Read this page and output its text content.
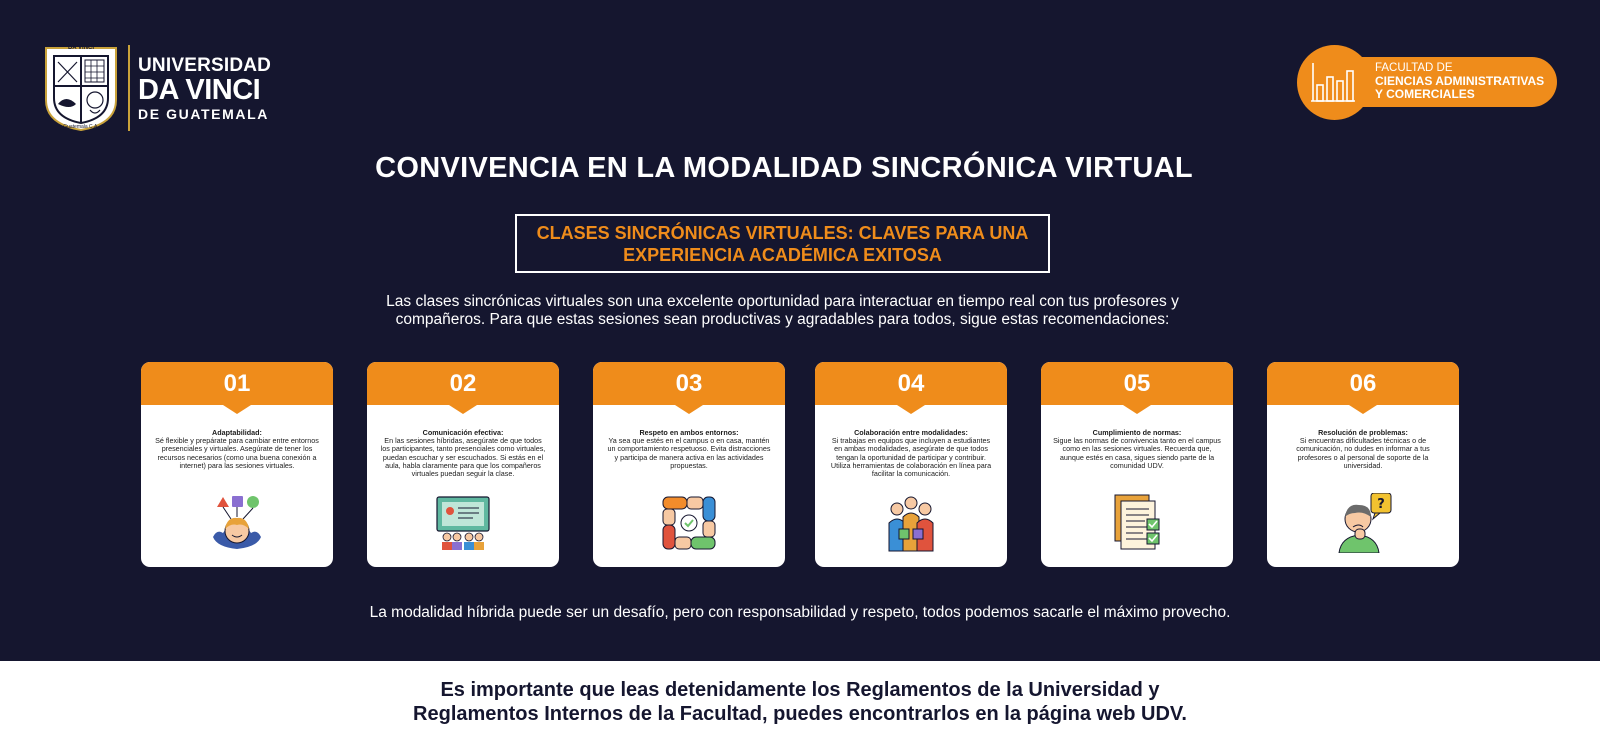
DA VINCI
Guatemala C.A.
UNIVERSIDAD
DA VINCI
DE GUATEMALA
FACULTAD DE
CIENCIAS ADMINISTRATIVAS
Y COMERCIALES
CONVIVENCIA EN LA MODALIDAD SINCRÓNICA VIRTUAL
CLASES SINCRÓNICAS VIRTUALES: CLAVES PARA UNA
EXPERIENCIA ACADÉMICA EXITOSA
Las clases sincrónicas virtuales son una excelente oportunidad para interactuar en tiempo real con tus profesores y
compañeros. Para que estas sesiones sean productivas y agradables para todos, sigue estas recomendaciones:
01
Adaptabilidad:
Sé flexible y prepárate para cambiar entre entornos presenciales y virtuales. Asegúrate de tener los recursos necesarios (como una buena conexión a internet) para las sesiones virtuales.
02
Comunicación efectiva:
En las sesiones híbridas, asegúrate de que todos los participantes, tanto presenciales como virtuales, puedan escuchar y ser escuchados. Si estás en el aula, habla claramente para que los compañeros virtuales puedan seguir la clase.
03
Respeto en ambos entornos:
Ya sea que estés en el campus o en casa, mantén un comportamiento respetuoso. Evita distracciones y participa de manera activa en las actividades propuestas.
04
Colaboración entre modalidades:
Si trabajas en equipos que incluyen a estudiantes en ambas modalidades, asegúrate de que todos tengan la oportunidad de participar y contribuir. Utiliza herramientas de colaboración en línea para facilitar la comunicación.
05
Cumplimiento de normas:
Sigue las normas de convivencia tanto en el campus como en las sesiones virtuales. Recuerda que, aunque estés en casa, sigues siendo parte de la comunidad UDV.
06
Resolución de problemas:
Si encuentras dificultades técnicas o de comunicación, no dudes en informar a tus profesores o al personal de soporte de la universidad.
?
La modalidad híbrida puede ser un desafío, pero con responsabilidad y respeto, todos podemos sacarle el máximo provecho.
Es importante que leas detenidamente los Reglamentos de la Universidad y
Reglamentos Internos de la Facultad, puedes encontrarlos en la página web UDV.
